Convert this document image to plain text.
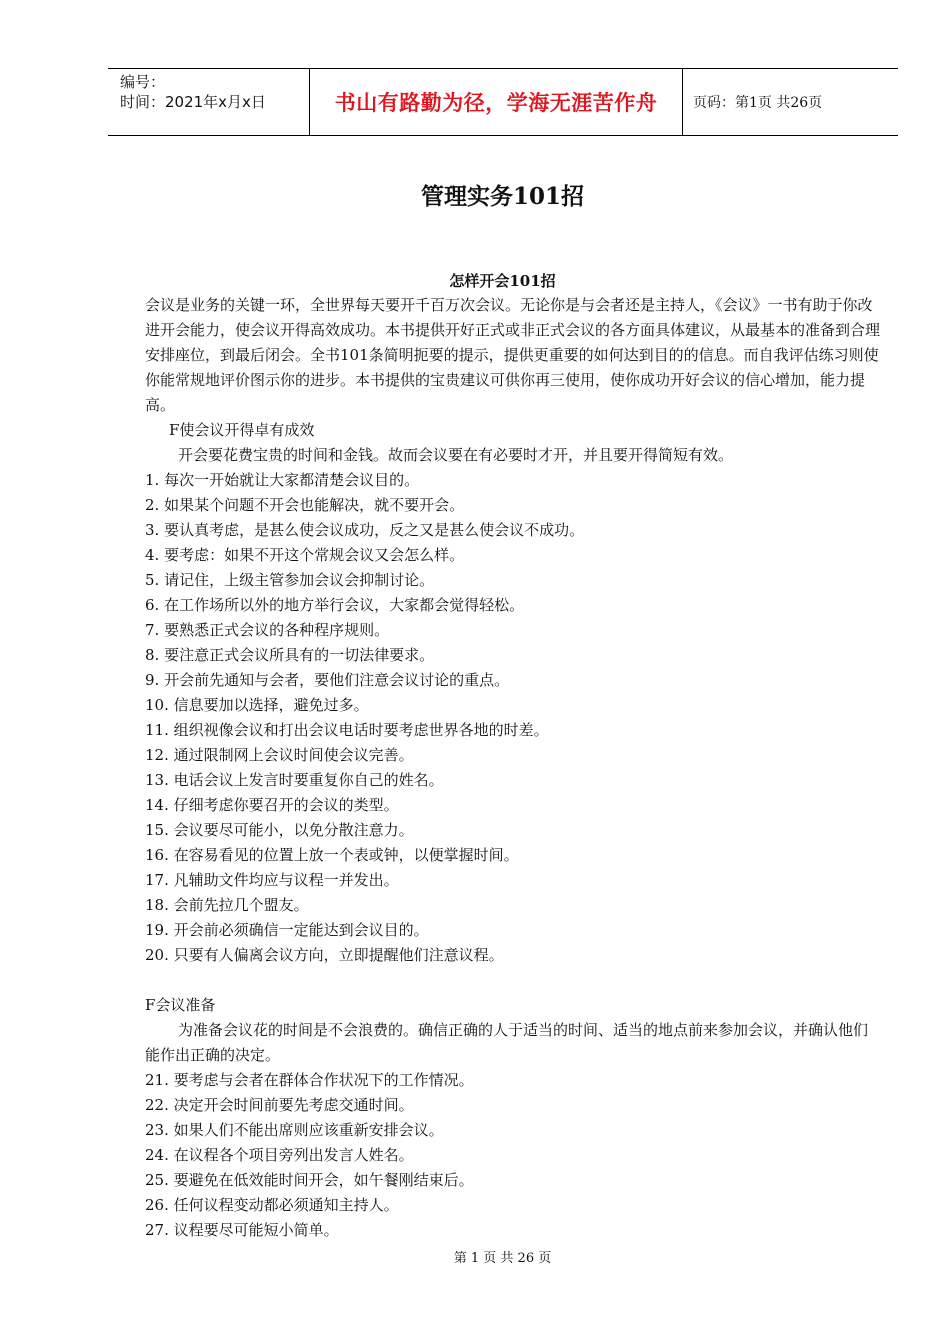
编号：
时间：2021年x月x日	书山有路勤为径，学海无涯苦作舟	页码：第1页 共26页
管理实务101招
怎样开会101招

会议是业务的关键一环，全世界每天要开千百万次会议。无论你是与会者还是主持人，《会议》一书有助于你改进开会能力，使会议开得高效成功。本书提供开好正式或非正式会议的各方面具体建议，从最基本的准备到合理安排座位，到最后闭会。全书101条简明扼要的提示，提供更重要的如何达到目的的信息。而自我评估练习则使你能常规地评价图示你的进步。本书提供的宝贵建议可供你再三使用，使你成功开好会议的信心增加，能力提高。

F使会议开得卓有成效

开会要花费宝贵的时间和金钱。故而会议要在有必要时才开，并且要开得简短有效。

1. 每次一开始就让大家都清楚会议目的。

2. 如果某个问题不开会也能解决，就不要开会。

3. 要认真考虑，是甚么使会议成功，反之又是甚么使会议不成功。

4. 要考虑：如果不开这个常规会议又会怎么样。

5. 请记住，上级主管参加会议会抑制讨论。

6. 在工作场所以外的地方举行会议，大家都会觉得轻松。

7. 要熟悉正式会议的各种程序规则。

8. 要注意正式会议所具有的一切法律要求。

9. 开会前先通知与会者，要他们注意会议讨论的重点。

10. 信息要加以选择，避免过多。

11. 组织视像会议和打出会议电话时要考虑世界各地的时差。

12. 通过限制网上会议时间使会议完善。

13. 电话会议上发言时要重复你自己的姓名。

14. 仔细考虑你要召开的会议的类型。

15. 会议要尽可能小，以免分散注意力。

16. 在容易看见的位置上放一个表或钟，以便掌握时间。

17. 凡辅助文件均应与议程一并发出。

18. 会前先拉几个盟友。

19. 开会前必须确信一定能达到会议目的。

20. 只要有人偏离会议方向，立即提醒他们注意议程。

F会议准备

为准备会议花的时间是不会浪费的。确信正确的人于适当的时间、适当的地点前来参加会议，并确认他们能作出正确的决定。

21. 要考虑与会者在群体合作状况下的工作情况。

22. 决定开会时间前要先考虑交通时间。

23. 如果人们不能出席则应该重新安排会议。

24. 在议程各个项目旁列出发言人姓名。

25. 要避免在低效能时间开会，如午餐刚结束后。

26. 任何议程变动都必须通知主持人。

27. 议程要尽可能短小简单。

第 1 页 共 26 页
